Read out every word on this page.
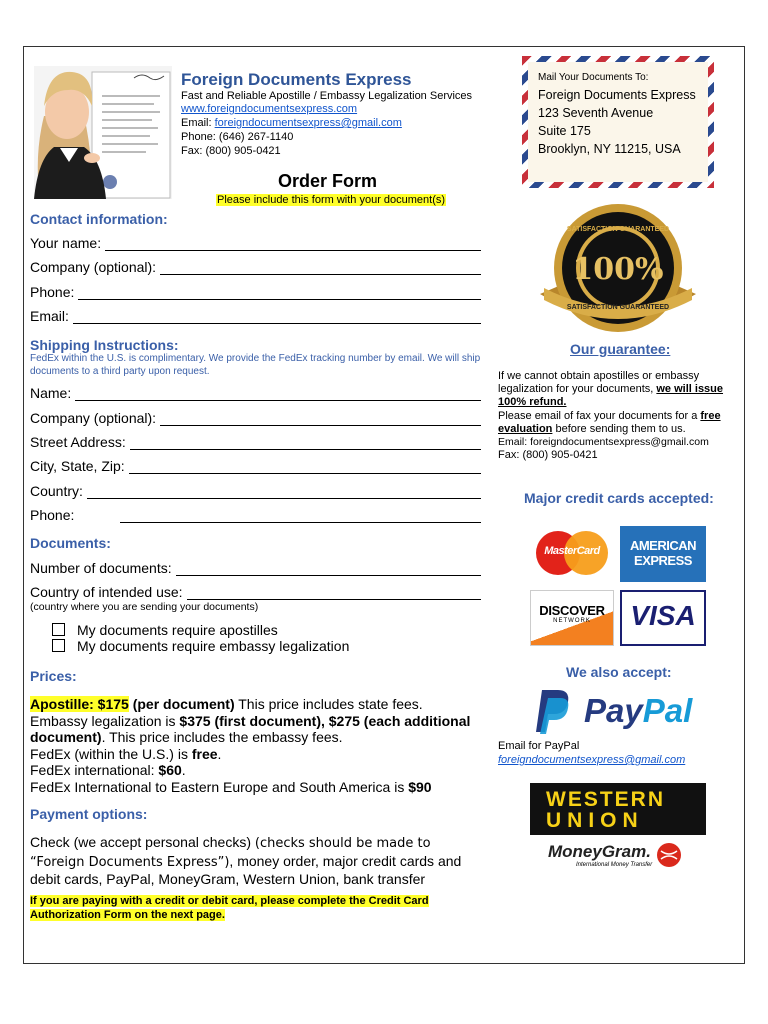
Foreign Documents Express
Fast and Reliable Apostille / Embassy Legalization Services
www.foreigndocumentsexpress.com
Email: foreigndocumentsexpress@gmail.com
Phone: (646) 267-1140
Fax: (800) 905-0421
Order Form
Please include this form with your document(s)
Mail Your Documents To:
Foreign Documents Express
123 Seventh Avenue
Suite 175
Brooklyn, NY 11215, USA
Contact information:
Your name:
Company (optional):
Phone:
Email:
Shipping Instructions:
FedEx within the U.S. is complimentary. We provide the FedEx tracking number by email. We will ship documents to a third party upon request.
Name:
Company (optional):
Street Address:
City, State, Zip:
Country:
Phone:
Documents:
Number of documents:
Country of intended use:
(country where you are sending your documents)
My documents require apostilles
My documents require embassy legalization
Prices:
Apostille: $175 (per document) This price includes state fees.
Embassy legalization is $375 (first document), $275 (each additional document). This price includes the embassy fees.
FedEx (within the U.S.) is free.
FedEx international: $60.
FedEx International to Eastern Europe and South America is $90
Payment options:
Check (we accept personal checks) (checks should be made to “Foreign Documents Express”), money order, major credit cards and debit cards, PayPal, MoneyGram, Western Union, bank transfer
If you are paying with a credit or debit card, please complete the Credit Card Authorization Form on the next page.
SATISFACTION GUARANTEED
100%
SATISFACTION GUARANTEED
Our guarantee:
If we cannot obtain apostilles or embassy legalization for your documents, we will issue 100% refund.
Please email of fax your documents for a free evaluation before sending them to us.
Email: foreigndocumentsexpress@gmail.com
Fax: (800) 905-0421
Major credit cards accepted:
MasterCard	AMERICAN
EXPRESS
DISCOVER
NETWORK	VISA
We also accept:
PayPal
Email for PayPal
foreigndocumentsexpress@gmail.com
WESTERN
UNION
MoneyGram.
International Money Transfer
